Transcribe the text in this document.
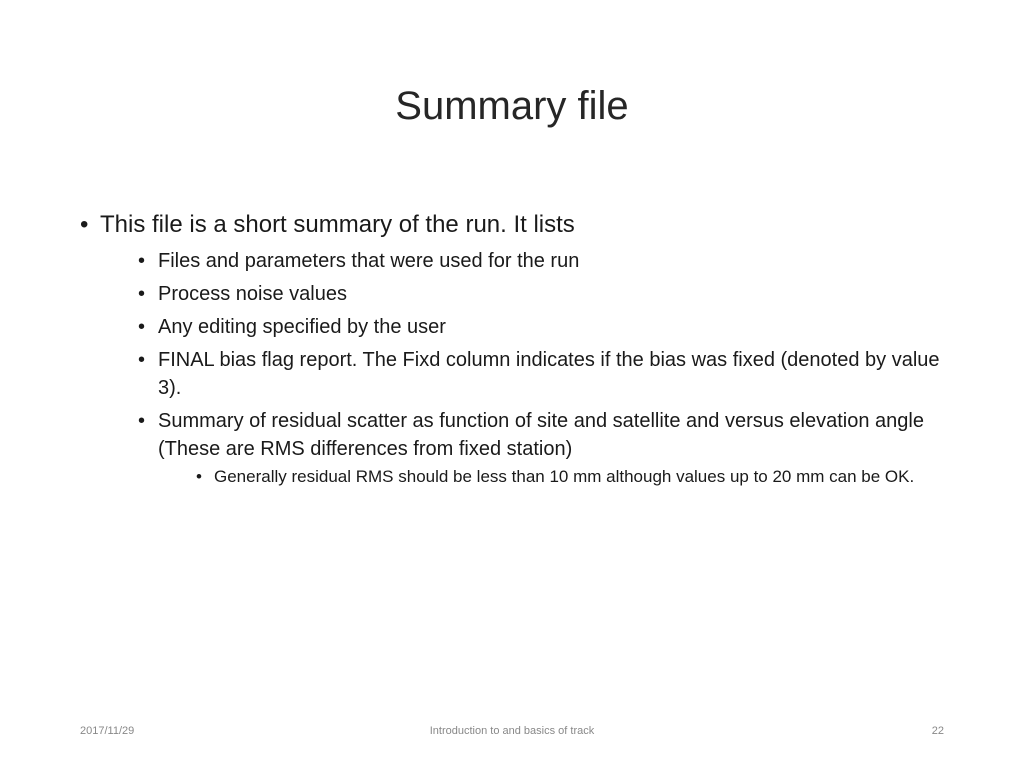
Summary file
• This file is a short summary of the run. It lists
• Files and parameters that were used for the run
• Process noise values
• Any editing specified by the user
• FINAL bias flag report. The Fixd column indicates if the bias was fixed (denoted by value 3).
• Summary of residual scatter as function of site and satellite and versus elevation angle (These are RMS differences from fixed station)
• Generally residual RMS should be less than 10 mm although values up to 20 mm can be OK.
2017/11/29	Introduction to and basics of track	22
